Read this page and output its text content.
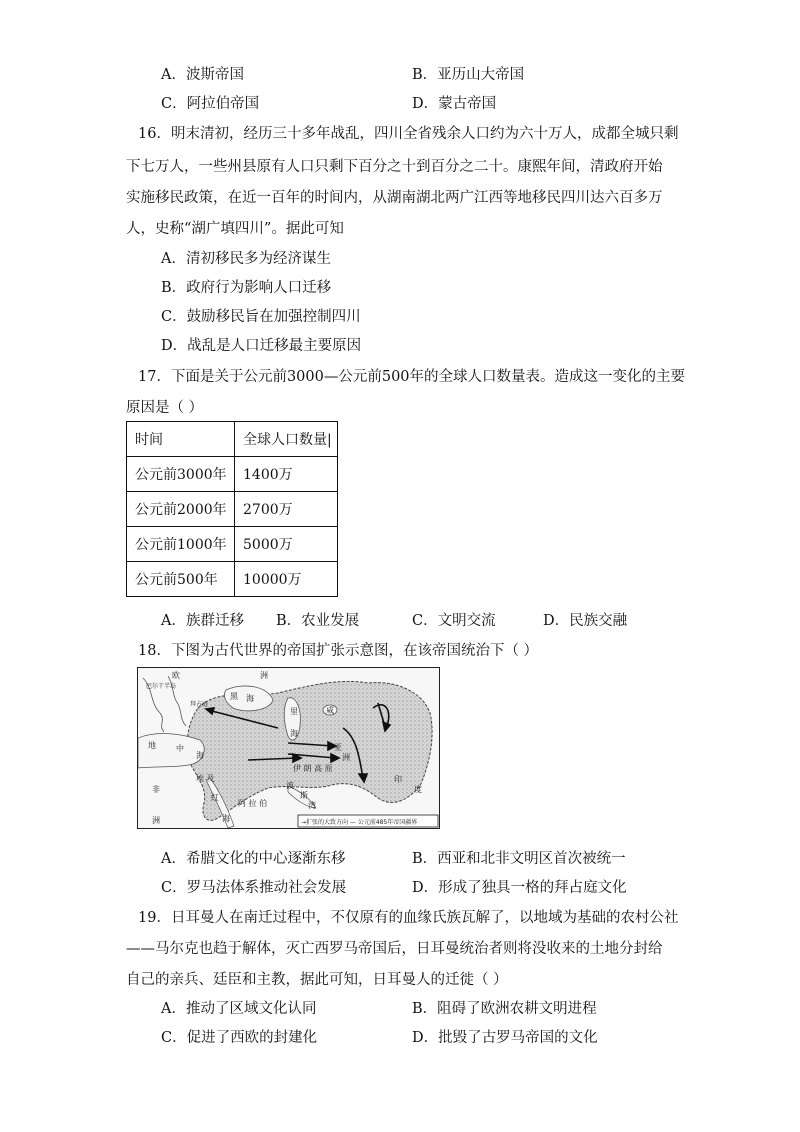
A．波斯帝国	B．亚历山大帝国
C．阿拉伯帝国	D．蒙古帝国
16．明末清初，经历三十多年战乱，四川全省残余人口约为六十万人，成都全城只剩
下七万人，一些州县原有人口只剩下百分之十到百分之二十。康熙年间，清政府开始
实施移民政策，在近一百年的时间内，从湖南湖北两广江西等地移民四川达六百多万
人，史称“湖广填四川”。据此可知
A．清初移民多为经济谋生
B．政府行为影响人口迁移
C．鼓励移民旨在加强控制四川
D．战乱是人口迁移最主要原因
17．下面是关于公元前3000—公元前500年的全球人口数量表。造成这一变化的主要
原因是（ ）
时间	全球人口数量|
公元前3000年	1400万
公元前2000年	2700万
公元前1000年	5000万
公元前500年	10000万
A．族群迁移 B．农业发展	C．文明交流	D．民族交融
18．下图为古代世界的帝国扩张示意图，在该帝国统治下（ ）
欧	洲
巴尔干半岛
拜占庭
黑 海
里
海
地	中
海
咸
亚
洲
伊 朗 高 原
埃 及
非
洲
红
海
阿 拉 伯
波
斯
湾
印
度
→扩张的大致方向 — 公元前485年帝国疆界
A．希腊文化的中心逐渐东移	B．西亚和北非文明区首次被统一
C．罗马法体系推动社会发展	D．形成了独具一格的拜占庭文化
19．日耳曼人在南迁过程中，不仅原有的血缘氏族瓦解了，以地域为基础的农村公社
——马尔克也趋于解体，灭亡西罗马帝国后，日耳曼统治者则将没收来的土地分封给
自己的亲兵、廷臣和主教，据此可知，日耳曼人的迁徙（ ）
A．推动了区域文化认同	B．阻碍了欧洲农耕文明进程
C．促进了西欧的封建化	D．批毁了古罗马帝国的文化
